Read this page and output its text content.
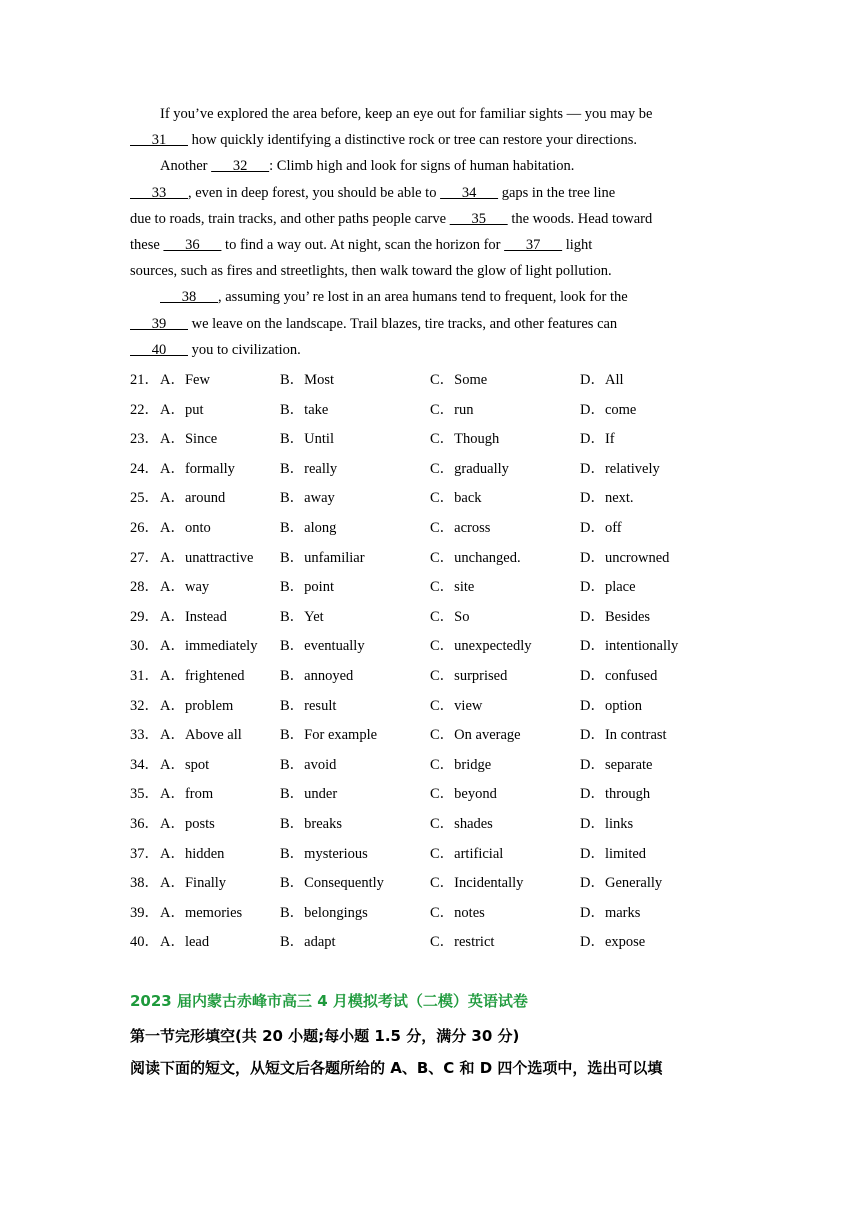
If you’ve explored the area before, keep an eye out for familiar sights — you may be
31       how quickly identifying a distinctive rock or tree can restore your directions.
Another       32      : Climb high and look for signs of human habitation.
33      , even in deep forest, you should be able to       34       gaps in the tree line
due to roads, train tracks, and other paths people carve       35       the woods. Head toward
these       36       to find a way out. At night, scan the horizon for       37       light
sources, such as fires and streetlights, then walk toward the glow of light pollution.
38      , assuming you’ re lost in an area humans tend to frequent, look for the
39       we leave on the landscape. Trail blazes, tire tracks, and other features can
40       you to civilization.
21． A．Few	B．Most	C．Some	D．All
22． A．put	B．take	C．run	D．come
23． A．Since	B．Until	C．Though	D．If
24． A．formally	B．really	C．gradually	D．relatively
25． A．around	B．away	C．back	D．next.
26． A．onto	B．along	C．across	D．off
27． A．unattractive B．unfamiliar	C．unchanged.	D．uncrowned
28． A．way	B．point	C．site	D．place
29． A．Instead	B．Yet	C．So	D．Besides
30． A．immediately B．eventually	C．unexpectedly	D．intentionally
31． A．frightened B．annoyed	C．surprised	D．confused
32． A．problem	B．result	C．view	D．option
33． A．Above all	B．For example	C．On average	D．In contrast
34． A．spot	B．avoid	C．bridge	D．separate
35． A．from	B．under	C．beyond	D．through
36． A．posts	B．breaks	C．shades	D．links
37． A．hidden	B．mysterious	C．artificial	D．limited
38． A．Finally	B．Consequently	C．Incidentally	D．Generally
39． A．memories	B．belongings	C．notes	D．marks
40． A．lead	B．adapt	C．restrict	D．expose
2023 届内蒙古赤峰市高三 4 月模拟考试（二模）英语试卷
第一节完形填空(共 20 小题;每小题 1.5 分，满分 30 分)
阅读下面的短文，从短文后各题所给的 A、B、C 和 D 四个选项中，选出可以填
